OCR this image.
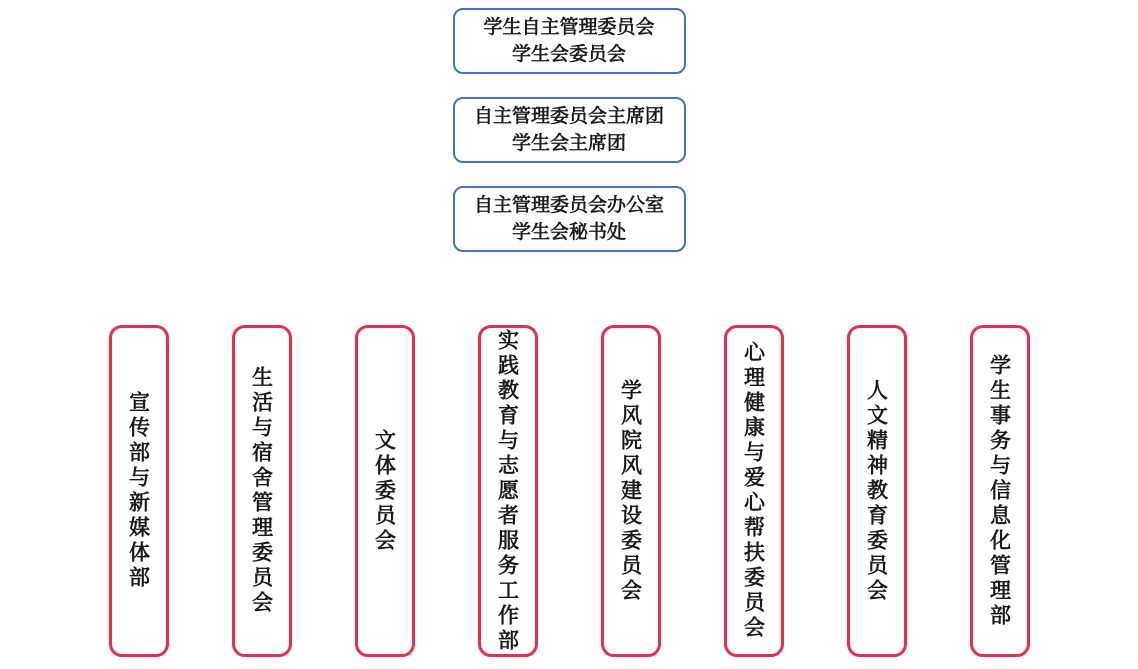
学生自主管理委员会
学生会委员会
自主管理委员会主席团
学生会主席团
自主管理委员会办公室
学生会秘书处
宣传部与新媒体部	生活与宿舍管理委员会	文体委员会	实践教育与志愿者服务工作部	学风院风建设委员会	心理健康与爱心帮扶委员会	人文精神教育委员会	学生事务与信息化管理部
